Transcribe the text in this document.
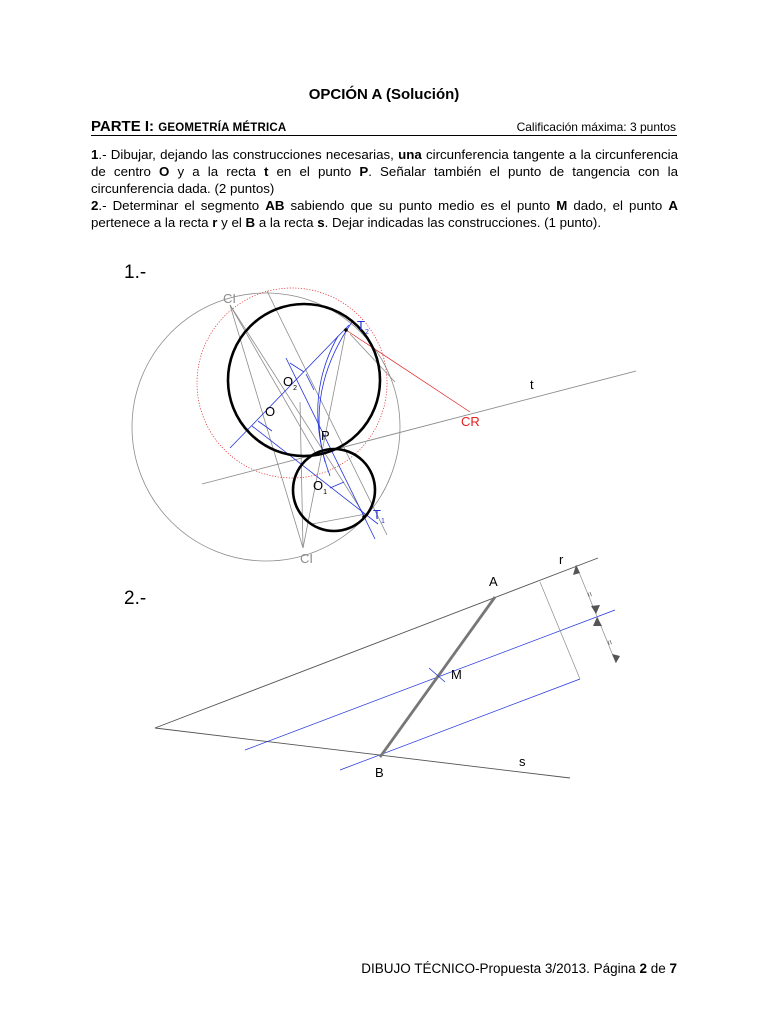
OPCIÓN A (Solución)
PARTE I: GEOMETRÍA MÉTRICA	Calificación máxima: 3 puntos

1.- Dibujar, dejando las construcciones necesarias, una circunferencia tangente a la circunferencia de centro O y a la recta t en el punto P. Señalar también el punto de tangencia con la circunferencia dada. (2 puntos)

2.- Determinar el segmento AB sabiendo que su punto medio es el punto M dado, el punto A pertenece a la recta r y el B a la recta s. Dejar indicadas las construcciones. (1 punto).

1.-
CI
CI
$T_2$
$O_2$
O
P
$O_1$
$T_1$
t
CR
2.-	=
=
r
s
A
M
B
DIBUJO TÉCNICO-Propuesta 3/2013. Página 2 de 7
